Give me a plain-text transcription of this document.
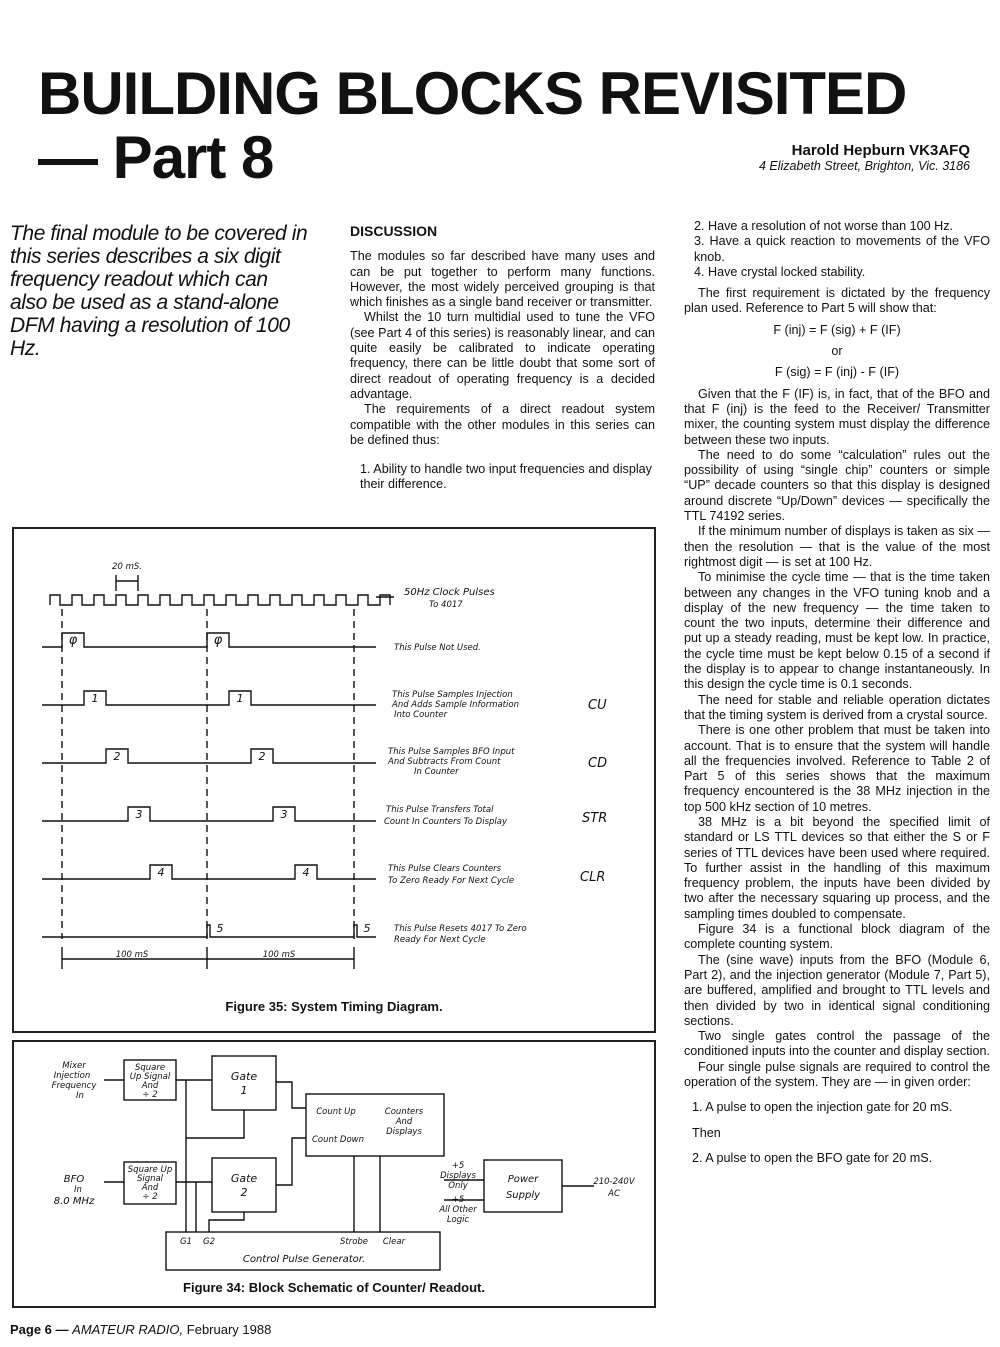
BUILDING BLOCKS REVISITED
— Part 8	Harold Hepburn VK3AFQ
4 Elizabeth Street, Brighton, Vic. 3186
The final module to be covered in this series describes a six digit frequency readout which can also be used as a stand-alone DFM having a resolution of 100 Hz.
DISCUSSION

The modules so far described have many uses and can be put together to perform many functions. However, the most widely perceived grouping is that which finishes as a single band receiver or transmitter.

Whilst the 10 turn multidial used to tune the VFO (see Part 4 of this series) is reasonably linear, and can quite easily be calibrated to indicate operating frequency, there can be little doubt that some sort of direct readout of operating frequency is a decided advantage.

The requirements of a direct readout system compatible with the other modules in this series can be defined thus:

1. Ability to handle two input frequencies and display their difference.

2. Have a resolution of not worse than 100 Hz.

3. Have a quick reaction to movements of the VFO knob.

4. Have crystal locked stability.

The first requirement is dictated by the frequency plan used. Reference to Part 5 will show that:

F (inj) = F (sig) + F (IF)

or

F (sig) = F (inj) - F (IF)

Given that the F (IF) is, in fact, that of the BFO and that F (inj) is the feed to the Receiver/ Transmitter mixer, the counting system must display the difference between these two inputs.

The need to do some “calculation” rules out the possibility of using “single chip” counters or simple “UP” decade counters so that this display is designed around discrete “Up/Down” devices — specifically the TTL 74192 series.

If the minimum number of displays is taken as six — then the resolution — that is the value of the most rightmost digit — is set at 100 Hz.

To minimise the cycle time — that is the time taken between any changes in the VFO tuning knob and a display of the new frequency — the time taken to count the two inputs, determine their difference and put up a steady reading, must be kept low. In practice, the cycle time must be kept below 0.15 of a second if the display is to appear to change instantaneously. In this design the cycle time is 0.1 seconds.

The need for stable and reliable operation dictates that the timing system is derived from a crystal source.

There is one other problem that must be taken into account. That is to ensure that the system will handle all the frequencies involved. Reference to Table 2 of Part 5 of this series shows that the maximum frequency encountered is the 38 MHz injection in the top 500 kHz section of 10 metres.

38 MHz is a bit beyond the specified limit of standard or LS TTL devices so that either the S or F series of TTL devices have been used where required. To further assist in the handling of this maximum frequency problem, the inputs have been divided by two after the necessary squaring up process, and the sampling times doubled to compensate.

Figure 34 is a functional block diagram of the complete counting system.

The (sine wave) inputs from the BFO (Module 6, Part 2), and the injection generator (Module 7, Part 5), are buffered, amplified and brought to TTL levels and then divided by two in identical signal conditioning sections.

Two single gates control the passage of the conditioned inputs into the counter and display section.

Four single pulse signals are required to control the operation of the system. They are — in given order:

1. A pulse to open the injection gate for 20 mS.

Then

2. A pulse to open the BFO gate for 20 mS.

20 mS.
φ	φ
1	1
2	2
3	3
4	4
5	5
100 mS	100 mS
50Hz Clock Pulses
To 4017
This Pulse Not Used.
This Pulse Samples Injection
And Adds Sample Information
Into Counter
CU
This Pulse Samples BFO Input
And Subtracts From Count
In Counter
CD
This Pulse Transfers Total
Count In Counters To Display	STR
This Pulse Clears Counters
To Zero Ready For Next Cycle	CLR
This Pulse Resets 4017 To Zero
Ready For Next Cycle
Figure 35: System Timing Diagram.
Mixer
Injection
Frequency
In
Square
Up Signal
And
÷ 2
Gate
1
Gate
2
BFO
In
8.0 MHz
Square Up
Signal
And
÷ 2
Count Up
Count Down
Counters
And
Displays
Power
Supply
+5
Displays
Only
+5
All Other
Logic
210-240V
AC
G1 G2	Strobe Clear
Control Pulse Generator.
Figure 34: Block Schematic of Counter/ Readout.
Page 6 — AMATEUR RADIO, February 1988
